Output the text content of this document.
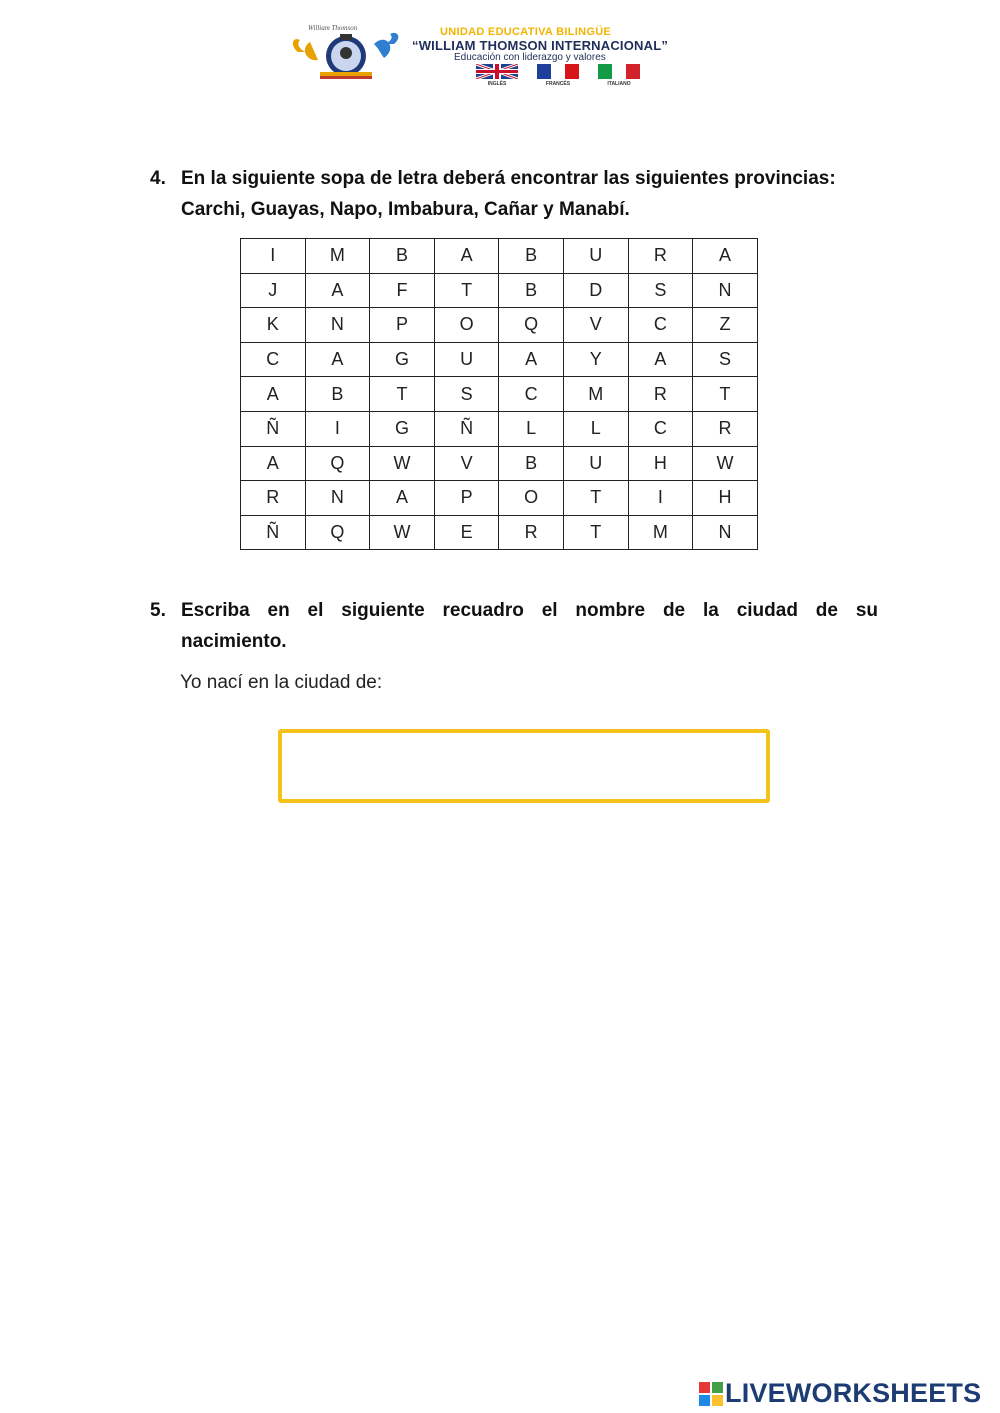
William Thomson	UNIDAD EDUCATIVA BILINGÜE
“WILLIAM THOMSON INTERNACIONAL”
Educación con liderazgo y valores
INGLÉS	FRANCÉS	ITALIANO
4. En la siguiente sopa de letra deberá encontrar las siguientes provincias:
Carchi, Guayas, Napo, Imbabura, Cañar y Manabí.
I	M	B	A	B	U	R	A
J	A	F	T	B	D	S	N
K	N	P	O	Q	V	C	Z
C	A	G	U	A	Y	A	S
A	B	T	S	C	M	R	T
Ñ	I	G	Ñ	L	L	C	R
A	Q	W	V	B	U	H	W
R	N	A	P	O	T	I	H
Ñ	Q	W	E	R	T	M	N
5. Escriba en el siguiente recuadro el nombre de la ciudad de su
nacimiento.
Yo nací en la ciudad de:
LIVEWORKSHEETS
